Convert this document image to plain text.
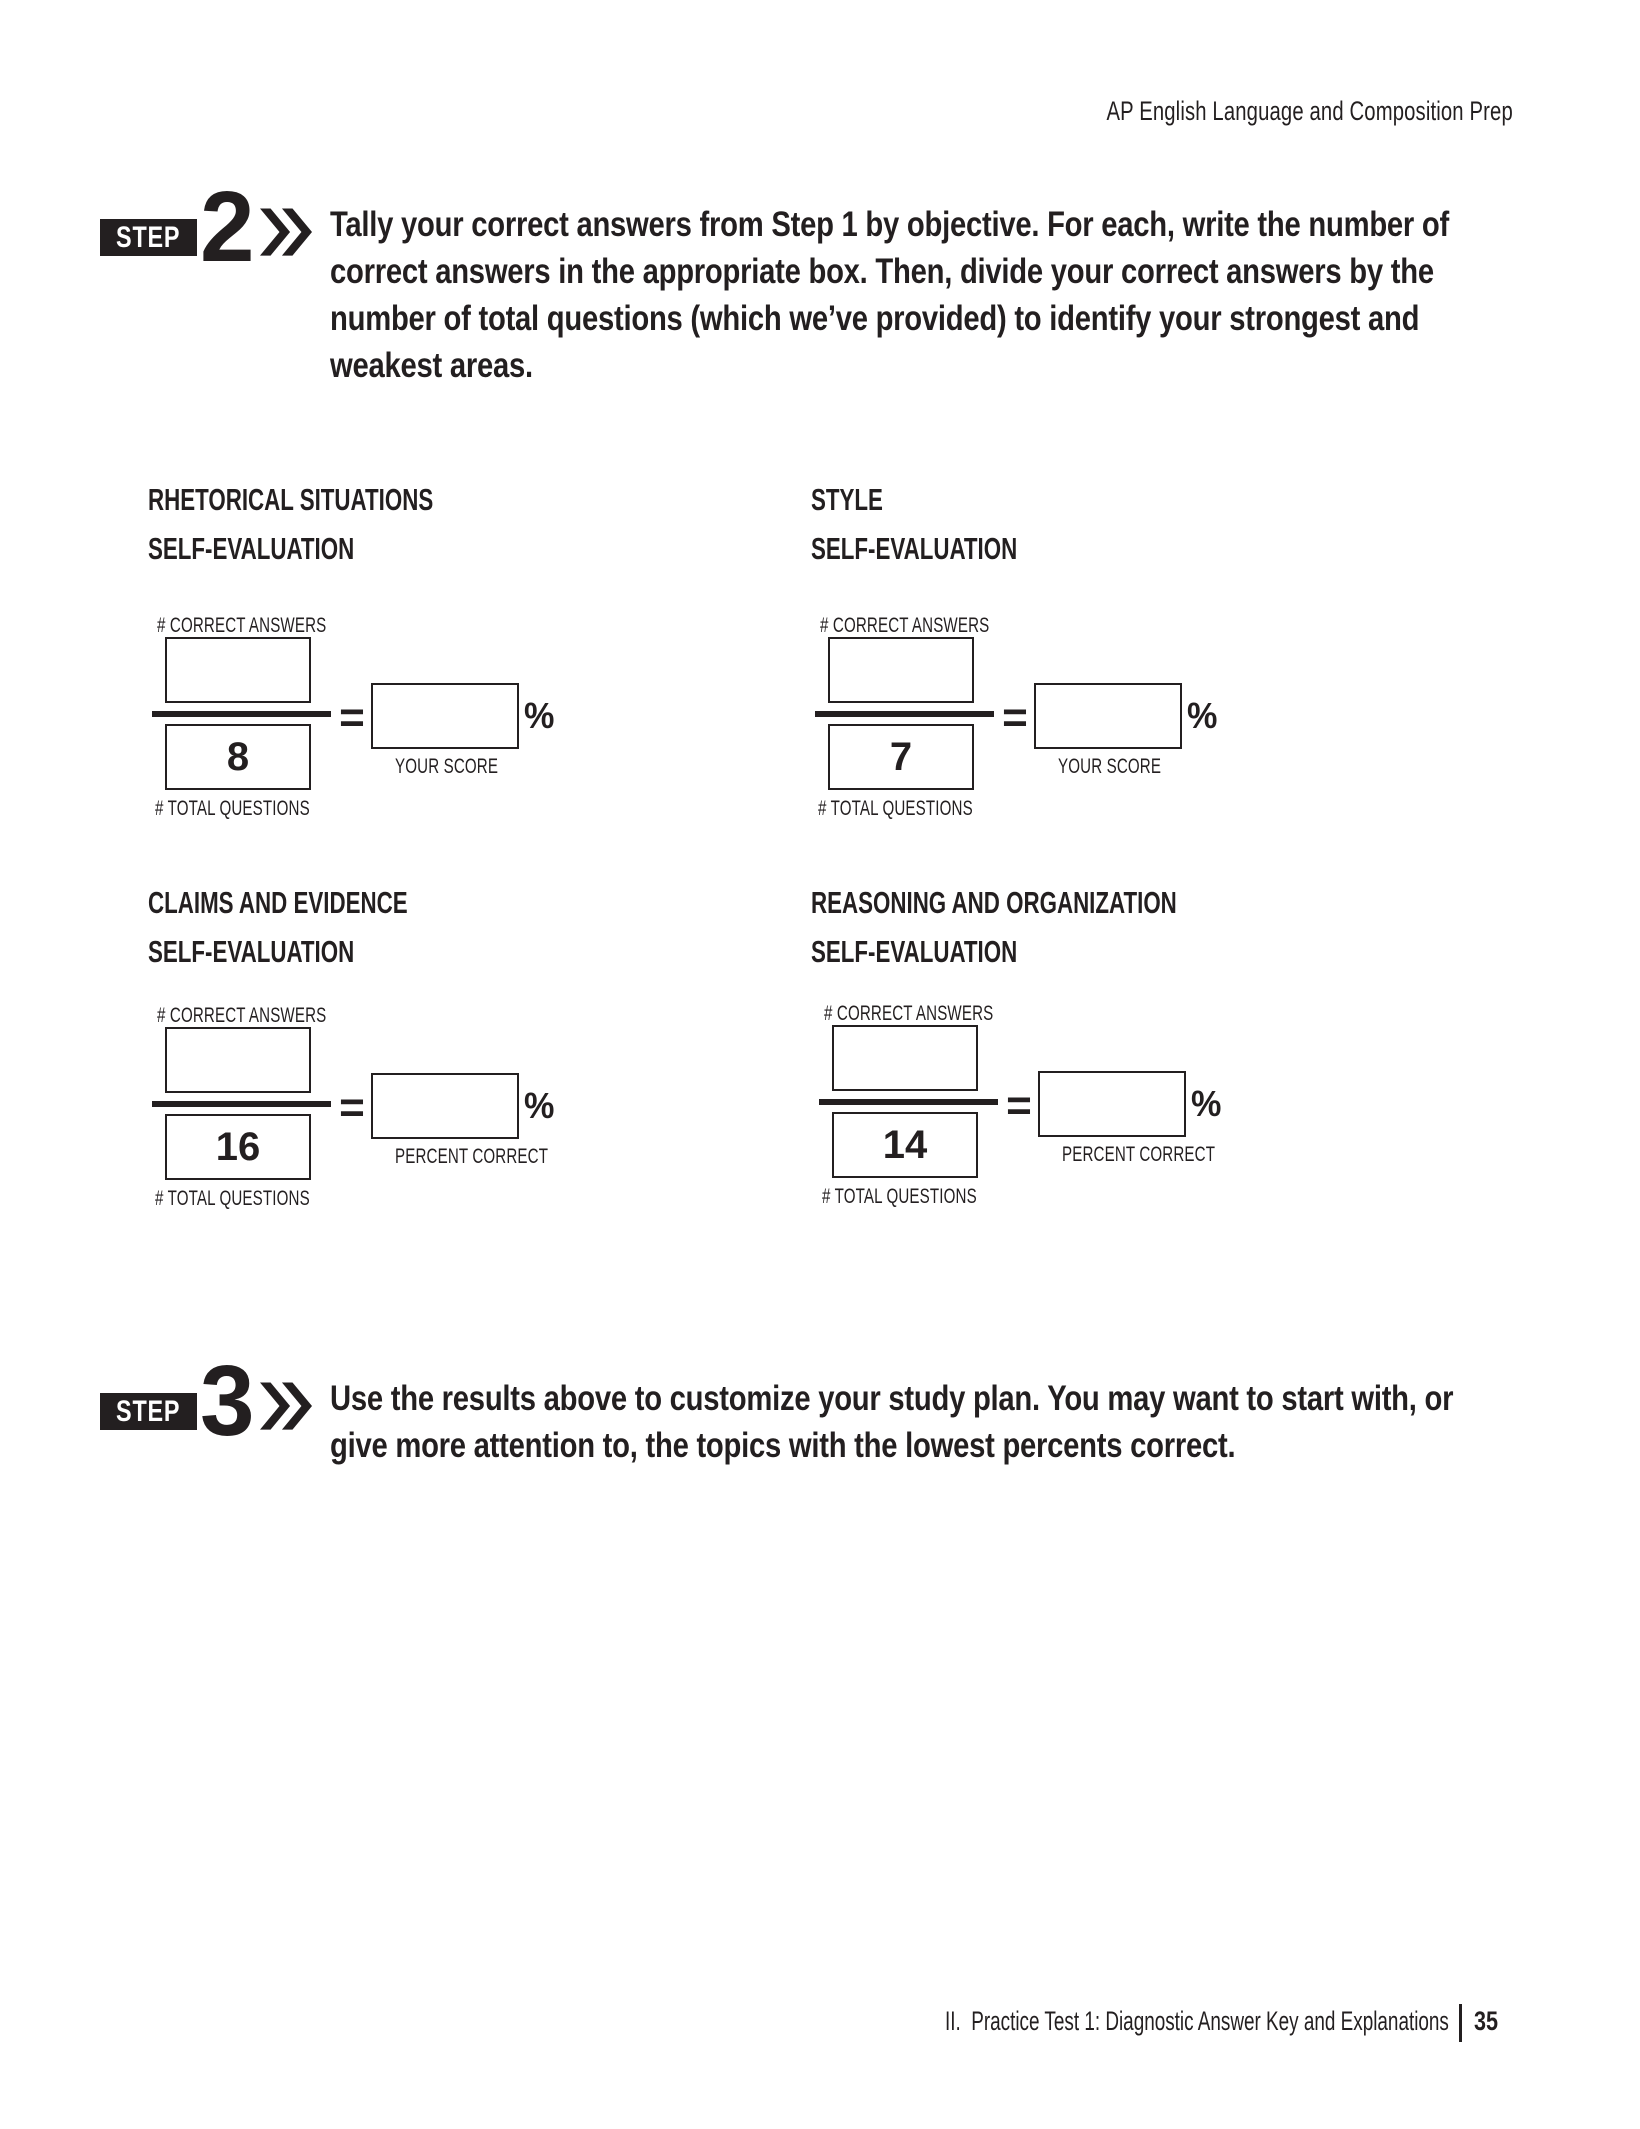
AP English Language and Composition Prep
STEP 2 Tally your correct answers from Step 1 by objective. For each, write the number of correct answers in the appropriate box. Then, divide your correct answers by the number of total questions (which we’ve provided) to identify your strongest and weakest areas.

RHETORICAL SITUATIONS
SELF-EVALUATION
# CORRECT ANSWERS
8
# TOTAL QUESTIONS
=	%
YOUR SCORE
STYLE
SELF-EVALUATION
# CORRECT ANSWERS
7
# TOTAL QUESTIONS
=	%
YOUR SCORE
CLAIMS AND EVIDENCE
SELF-EVALUATION
# CORRECT ANSWERS
16
# TOTAL QUESTIONS
=	%
PERCENT CORRECT
REASONING AND ORGANIZATION
SELF-EVALUATION
# CORRECT ANSWERS
14
# TOTAL QUESTIONS
=	%
PERCENT CORRECT
STEP 3 Use the results above to customize your study plan. You may want to start with, or give more attention to, the topics with the lowest percents correct.

II.  Practice Test 1: Diagnostic Answer Key and Explanations 35
